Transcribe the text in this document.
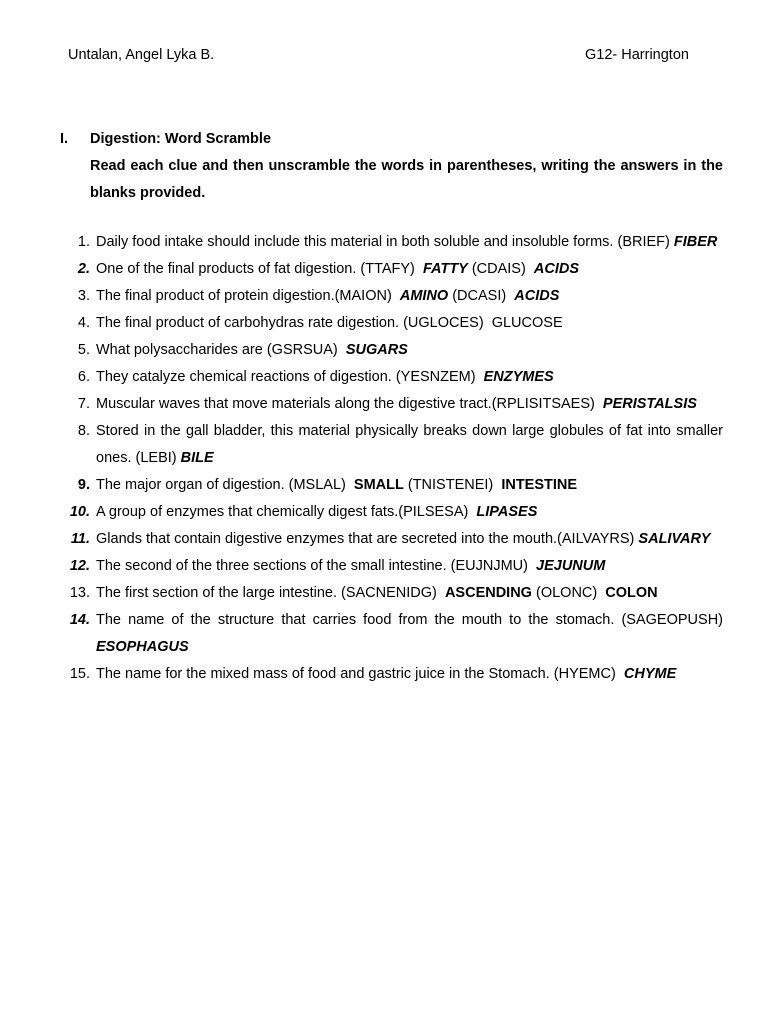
Untalan, Angel Lyka B.	G12- Harrington
I.	Digestion: Word Scramble
Read each clue and then unscramble the words in parentheses, writing the answers in the blanks provided.
1. Daily food intake should include this material in both soluble and insoluble forms. (BRIEF) FIBER
2. One of the final products of fat digestion. (TTAFY) FATTY (CDAIS) ACIDS
3. The final product of protein digestion.(MAION) AMINO (DCASI) ACIDS
4. The final product of carbohydras rate digestion. (UGLOCES) GLUCOSE
5. What polysaccharides are (GSRSUA) SUGARS
6. They catalyze chemical reactions of digestion. (YESNZEM) ENZYMES
7. Muscular waves that move materials along the digestive tract.(RPLISITSAES) PERISTALSIS
8. Stored in the gall bladder, this material physically breaks down large globules of fat into smaller ones. (LEBI) BILE
9. The major organ of digestion. (MSLAL) SMALL (TNISTENEI) INTESTINE
10. A group of enzymes that chemically digest fats.(PILSESA) LIPASES
11. Glands that contain digestive enzymes that are secreted into the mouth.(AILVAYRS) SALIVARY
12. The second of the three sections of the small intestine. (EUJNJMU) JEJUNUM
13. The first section of the large intestine. (SACNENIDG) ASCENDING (OLONC) COLON
14. The name of the structure that carries food from the mouth to the stomach. (SAGEOPUSH) ESOPHAGUS
15. The name for the mixed mass of food and gastric juice in the Stomach. (HYEMC) CHYME
